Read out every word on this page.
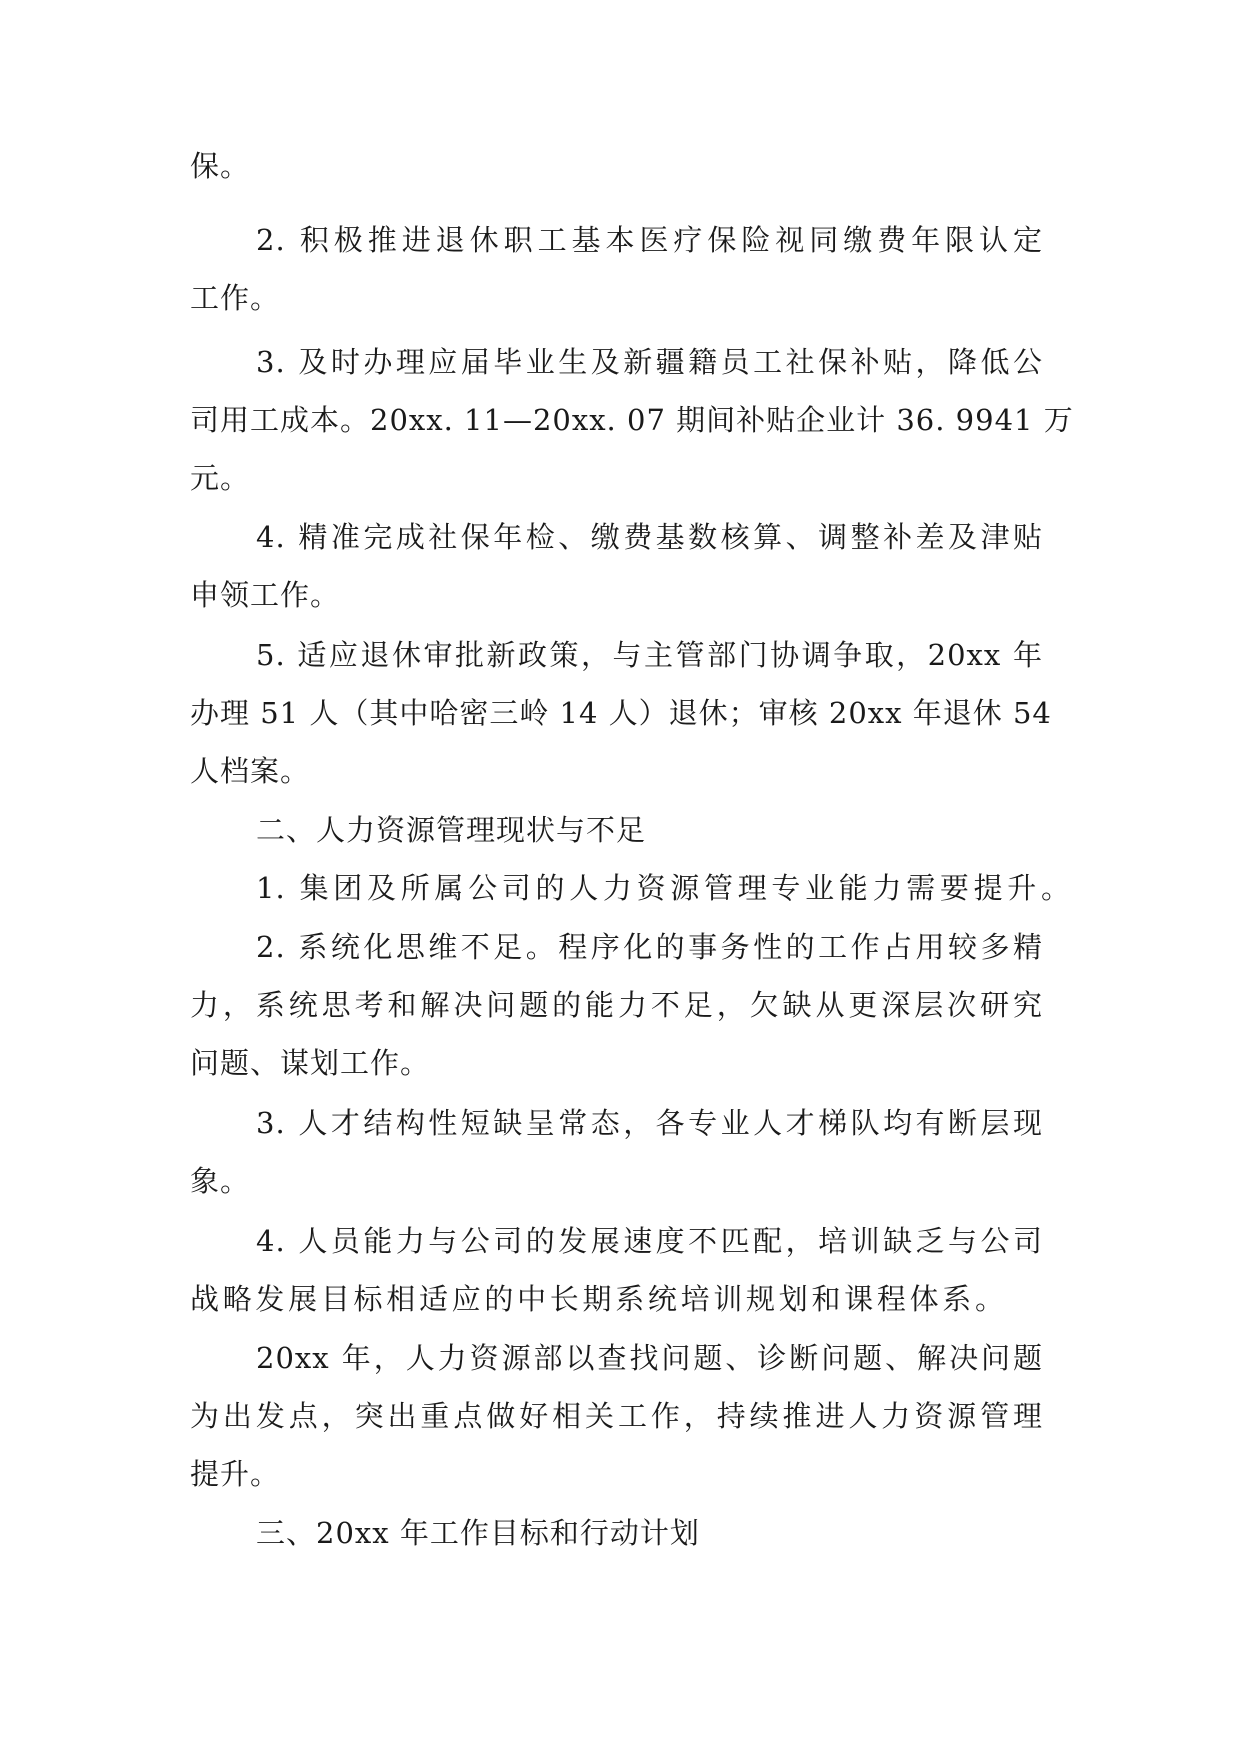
保。
2. 积极推进退休职工基本医疗保险视同缴费年限认定
工作。
3. 及时办理应届毕业生及新疆籍员工社保补贴，降低公
司用工成本。20xx. 11—20xx. 07 期间补贴企业计 36. 9941 万
元。
4. 精准完成社保年检、缴费基数核算、调整补差及津贴
申领工作。
5. 适应退休审批新政策，与主管部门协调争取，20xx 年
办理 51 人（其中哈密三岭 14 人）退休；审核 20xx 年退休 54
人档案。
二、人力资源管理现状与不足
1. 集团及所属公司的人力资源管理专业能力需要提升。
2. 系统化思维不足。程序化的事务性的工作占用较多精
力，系统思考和解决问题的能力不足，欠缺从更深层次研究
问题、谋划工作。
3. 人才结构性短缺呈常态，各专业人才梯队均有断层现
象。
4. 人员能力与公司的发展速度不匹配，培训缺乏与公司
战略发展目标相适应的中长期系统培训规划和课程体系。
20xx 年，人力资源部以查找问题、诊断问题、解决问题
为出发点，突出重点做好相关工作，持续推进人力资源管理
提升。
三、20xx 年工作目标和行动计划
